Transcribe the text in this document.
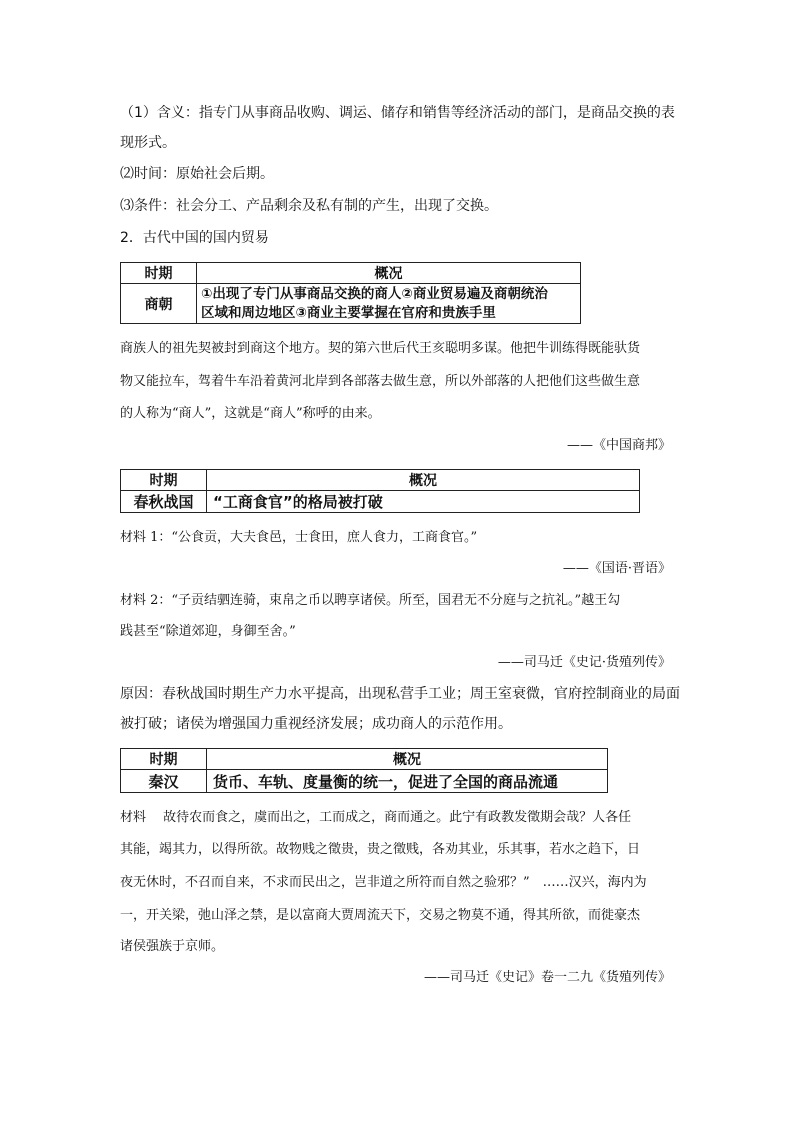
（1）含义：指专门从事商品收购、调运、储存和销售等经济活动的部门，是商品交换的表
现形式。
⑵时间：原始社会后期。
⑶条件：社会分工、产品剩余及私有制的产生，出现了交换。
2．古代中国的国内贸易
时期	概况
商朝	①出现了专门从事商品交换的商人②商业贸易遍及商朝统治
区域和周边地区③商业主要掌握在官府和贵族手里
商族人的祖先契被封到商这个地方。契的第六世后代王亥聪明多谋。他把牛训练得既能驮货
物又能拉车，驾着牛车沿着黄河北岸到各部落去做生意，所以外部落的人把他们这些做生意
的人称为“商人”，这就是“商人”称呼的由来。
——《中国商邦》
时期	概况
春秋战国	“工商食官”的格局被打破
材料 1：“公食贡，大夫食邑，士食田，庶人食力，工商食官。”
——《国语·晋语》
材料 2：“子贡结驷连骑，束帛之币以聘享诸侯。所至，国君无不分庭与之抗礼。”越王勾
践甚至“除道郊迎，身御至舍。”
——司马迁《史记·货殖列传》
原因：春秋战国时期生产力水平提高，出现私营手工业；周王室衰微，官府控制商业的局面
被打破；诸侯为增强国力重视经济发展；成功商人的示范作用。
时期	概况
秦汉	货币、车轨、度量衡的统一，促进了全国的商品流通
材料　 故待农而食之，虞而出之，工而成之，商而通之。此宁有政教发徵期会哉？人各任
其能，竭其力，以得所欲。故物贱之徵贵，贵之徵贱，各劝其业，乐其事，若水之趋下，日
夜无休时，不召而自来，不求而民出之，岂非道之所符而自然之验邪？”　……汉兴，海内为
一，开关梁，弛山泽之禁，是以富商大贾周流天下，交易之物莫不通，得其所欲，而徙豪杰
诸侯强族于京师。
——司马迁《史记》卷一二九《货殖列传》
